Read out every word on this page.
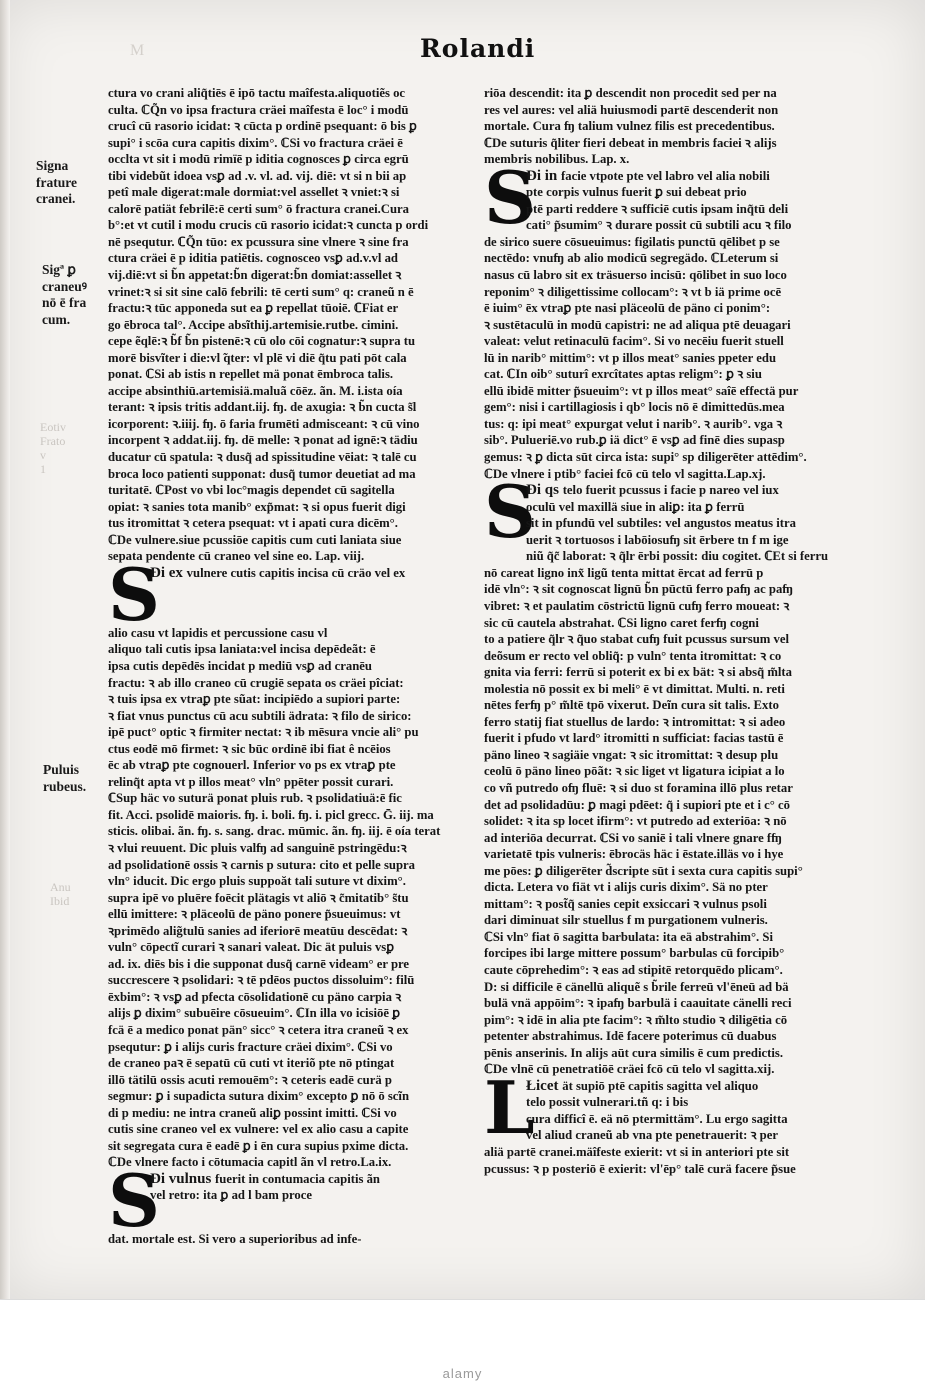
M
Eotiv
Frato
v
1
Anu
Ibid
Rolandi
Signa
frature
cranei.
Sigª ꝑ
craneuꝰ
nō ē fra
cum.
Puluis
rubeus.
ctura vo crani aliq̃tiēs ē ipō tactu maîfesta.aliquotiẽs oc
culta. ℂQ̃n vo ipsa fractura cräei maîfesta ē loc° i modū
crucî cū rasorio icidat: ꝛ cūcta p ordinē psequant: ō bis ꝑ
supi° i scōa cura capitis dixim°. ℂSi vo fractura cräei ē
occlta vt sit i modū rimïē p iditia cognosces ꝑ circa egrū
tibi videbũt idoea vsꝑ ad .v. vl. ad. vij. diē: vt si n bii ap
petî male digerat:male dormiat:vel assellet ꝛ vniet:ꝛ si
calorē patiät febrilē:ē certi sum° ō fractura cranei.Cura
b°:et vt cutil i modu crucis cū rasorio icidat:ꝛ cuncta p ordi
nē psequtur. ℂQ̃n tūo: ex pcussura sine vlnere ꝛ sine fra
ctura cräei ē p iditia patiētis. cognosceo vsꝑ ad.v.vl ad
vij.diē:vt si b̃n appetat:b̃n digerat:b̃n domiat:assellet ꝛ
vrinet:ꝛ si sit sine calō febrili: tē certi sum° q: craneũ n ē
fractu:ꝛ tūc apponeda sut ea ꝑ repellat tūoiē. ℂFiat er
go ēbroca tal°. Accipe absĩthij.artemisie.rutbe. cimini.
cepe ẽqlē:ꝛ b̃f b̃n pistenē:ꝛ cū olo cōi cognatur:ꝛ supra tu
morē bisvĩter i die:vl ̃qter: vl plē vi diē q̃tu pati pōt cala
ponat. ℂSi ab istis n repellet mä ponat ēmbroca talis.
accipe absinthiū.artemisiä.maluã cōēz. ãn. M. i.ista oía
terant: ꝛ ipsis tritis addant.iij. ʩ. de axugia: ꝛ b̃n cucta s̃l
icorporent: ꝛ.iiij. ʩ. ō faria frumēti admisceant: ꝛ cū vino
incorpent ꝛ addat.iij. ʩ. dē melle: ꝛ ponat ad ignē:ꝛ tädiu
ducatur cū spatula: ꝛ dusq̃ ad spissitudine vēiat: ꝛ talē cu
broca loco patienti supponat: dusq̃ tumor deuetiat ad ma
turitatē. ℂPost vo vbi loc°magis dependet cū sagitella
opiat: ꝛ sanies tota manib° exp̃mat: ꝛ si opus fuerit digi
tus itromittat ꝛ cetera psequat: vt i apati cura dicēm°.
ℂDe vulnere.siue pcussiōe capitis cum cuti laniata siue
sepata pendente cū craneo vel sine eo. Lap. viij.
S
Đi ex vulnere cutis capitis incisa cū cräo vel ex
alio casu vt lapidis et percussione casu vl
aliquo tali cutis ipsa laniata:vel incisa depēdeãt: ē
ipsa cutis depēdēs incidat p mediū vsꝑ ad cranēu
fractu: ꝛ ab illo craneo cū crugiē sepata os cräei pîciat:
ꝛ tuis ipsa ex vtraꝑ pte sũat: incipiēdo a supiori parte:
ꝛ fiat vnus punctus cū acu subtili ädrata: ꝛ filo de sirico:
ipē puct° optic ꝛ firmiter nectat: ꝛ ib mēsura vncie ali° pu
ctus eodē mō firmet: ꝛ sic būc ordinē ibi fiat ê ncēios
ēc ab vtraꝑ pte cognouerl. Inferior vo ps ex vtraꝑ pte
relinq̃t apta vt p illos meat° vln° ppēter possit curari.
ℂSup häc vo suturä ponat pluis rub. ꝛ psolidatiuä:ē fic
fit. Acci. psolidē maioris. ʩ. i. boli. ʩ. i. picl grecc. Ḡ. iij. ma
sticis. olibai. ãn. ʩ. s. sang. drac. mūmic. ãn. ʩ. iij. ē oía terat
ꝛ vlui reuuent. Dic pluis valʩ ad sanguinē pstringēdu:ꝛ
ad psolidationē ossis ꝛ carnis p sutura: cito et pelle supra
vln° iducit. Dic ergo pluis suppoăt tali suture vt dixim°.
supra ipē vo pluēre foēcit plätagis vt aliō ꝛ c̃mitatib° s̃tu
ellū imittere: ꝛ pläceolū de päno ponere p̃sueuimus: vt
ꝛprimēdo alig̃tulū sanies ad iferiorē meatūu descēdat: ꝛ
vuln° cōpectĩ curari ꝛ sanari valeat. Dic ät puluis vsꝑ
ad. ix. diēs bis i die supponat dusq̃ carnē videam° er pre
succrescere ꝛ psolidari: ꝛ tē pdēos puctos dissoluim°: filū
ēxbim°: ꝛ vsꝑ ad pfecta cōsolidationē cu päno carpia ꝛ
alijs ꝑ dixim° subuēire cōsueuim°. ℂIn illa vo icisiōē ꝑ
fcä ē a medico ponat pän° sicc° ꝛ cetera itra craneũ ꝛ ex
psequtur: ꝑ i alijs curis fracture cräei dixim°. ℂSi vo
de craneo paꝛ ē sepatū cū cuti vt iteriõ pte nō ptingat
illō tätilū ossis acuti remouēm°: ꝛ ceteris eadē curä p
segmur: ꝑ i supadicta sutura dixim° excepto ꝑ nō ō scĩn
di p mediu: ne intra craneũ aliꝑ possint imitti. ℂSi vo
cutis sine craneo vel ex vulnere: vel ex alio casu a capite
sit segregata cura ē eadē ꝑ i ēn cura supius pxime dicta.
ℂDe vlnere facto i cōtumacia capitl ãn vl retro.La.ix.
S
Đi vulnus fuerit in contumacia capitis ãn
vel retro: ita ꝑ ad l bam proce
dat. mortale est. Si vero a superioribus ad infe-
riōa descendit: ita ꝑ descendit non procedit sed per na
res vel aures: vel aliä huiusmodi partē descenderit non
mortale. Cura ʩ talium vulnez filis est precedentibus.
ℂDe suturis q̃liter fieri debeat in membris faciei ꝛ alijs
membris nobilibus. Lap. x.
S
Đi in facie vtpote pte vel labro vel alia nobili
pte corpis vulnus fuerit ꝑ sui debeat prio
ptē parti reddere ꝛ sufficiē cutis ipsam inq̃tū deli
cati° p̃sumim° ꝛ durare possit cū subtili acu ꝛ filo
de sirico suere cōsueuimus: figilatis punctū qēlibet p se
nectēdo: vnuʩ ab alio modicū segregädo. ℂLeterum si
nasus cū labro sit ex träsuerso incisū: qōlibet in suo loco
reponim° ꝛ diligettissime collocam°: ꝛ vt b iä prime ocē
ē iuim° ēx vtraꝑ pte nasi pläceolū de päno ci ponim°:
ꝛ sustētaculū in modū capistri: ne ad aliqua ptē deuagari
valeat: velut retinaculū facim°. Si vo necēiu fuerit stuell
lū in narib° mittim°: vt p illos meat° sanies ppeter edu
cat. ℂIn oib° suturî exrcîtates aptas religm°: ꝑ ꝛ siu
ellū ibidē mitter p̃sueuim°: vt p illos meat° saîē effectä pur
gem°: nisi i cartillagiosis i qb° locis nō ē dimittedūs.mea
tus: q: ipi meat° expurgat velut i narib°. ꝛ aurib°. vga ꝛ
sib°. Pulueriē.vo rub.ꝑ iä dict° ē vsꝑ ad finē dies supasp
gemus: ꝛ ꝑ dicta sūt circa ista: supi° sp diligerēter attēdim°.
ℂDe vlnere i ptib° faciei fcō cū telo vl sagitta.Lap.xj.
S
Đi qs telo fuerit pcussus i facie p nareo vel iux
oculū vel maxillä siue in aliꝑ: ita ꝑ ferrū
sit in pfundū vel subtiles: vel angustos meatus itra
uerit ꝛ tortuosos i labōiosuʩ sit ērbere tn f m ige
niũ q̃c̃ laborat: ꝛ q̃lr ērbi possit: diu cogitet. ℂEt si ferru
nō careat ligno inx̃ ligũ tenta mittat ērcat ad ferrū p
idē vln°: ꝛ sit cognoscat lignū b̃n pūctū ferro paʩ ac paʩ
vibret: ꝛ et paulatim cōstrictū lignū cuʩ ferro moueat: ꝛ
sic cū cautela abstrahat. ℂSi ligno caret ferʩ cogni
to a patiere q̃lr ꝛ q̃uo stabat cuʩ fuit pcussus sursum vel
deõsum er recto vel obliq̃: p vuln° tenta itromittat: ꝛ co
gnita via ferri: ferrū si poterit ex bi ex bät: ꝛ si absq̃ m̃lta
molestia nō possit ex bi meli° ē vt dimittat. Multi. n. reti
nētes ferʩ p° m̃ltē tpō vixerut. Deĩn cura sit talis. Exto
ferro statij fiat stuellus de lardo: ꝛ intromittat: ꝛ si adeo
fuerit i pfudo vt lard° itromitti n sufficiat: facias tastū ē
päno lineo ꝛ sagiäie vngat: ꝛ sic itromittat: ꝛ desup plu
ceolū ō päno lineo pōãt: ꝛ sic liget vt ligatura icipiat a lo
co vñ putredo oʩ fluē: ꝛ si duo st foramina illō plus retar
det ad psolidadūu: ꝑ magi pdēet: q̃ i supiori pte et i c° cō
solidet: ꝛ ita sp locet ifirm°: vt putredo ad exteriōa: ꝛ nō
ad interiōa decurrat. ℂSi vo saniē i tali vlnere gnare fʩ
varietatē tpis vulneris: ēbrocäs häc i ēstate.illäs vo i hye
me pōes: ꝑ diligerēter d̃scripte sūt i sexta cura capitis supi°
dicta. Letera vo fiät vt i alijs curis dixim°. Sä no pter
mittam°: ꝛ post̃q̃ sanies cepit exsiccari ꝛ vulnus psoli
dari diminuat silr stuellus f m purgationem vulneris.
ℂSi vln° fiat ō sagitta barbulata: ita eä abstrahim°. Si
forcipes ibi large mittere possum° barbulas cū forcipib°
caute cōprehedim°: ꝛ eas ad stipitē retorquēdo plicam°.
D: si difficile ē cänellū aliquẽ s b̃rile ferreū vl'ēneū ad bä
bulä vnä appōim°: ꝛ ipaʩ barbulä i caauitate cänelli reci
pim°: ꝛ idē in alia pte facim°: ꝛ m̃lto studio ꝛ diligētia cō
petenter abstrahimus. Idē facere poterimus cū duabus
pēnis anserinis. In alijs aūt cura similis ē cum predictis.
ℂDe vlnē cū penetratiōē cräei fcō cū telo vl sagitta.xij.
L
Łicet ät supiō ptē capitis sagitta vel aliquo
telo possit vulnerari.tñ q: i bis
cura difficî ē. eä nō ptermittäm°. Lu ergo sagitta
vel aliud craneũ ab vna pte penetrauerit: ꝛ per
aliä partē cranei.mäîfeste exierit: vt si in anteriori pte sit
pcussus: ꝛ p posteriō ē exierit: vl'ēp° talē curä facere p̃sue
alamy
